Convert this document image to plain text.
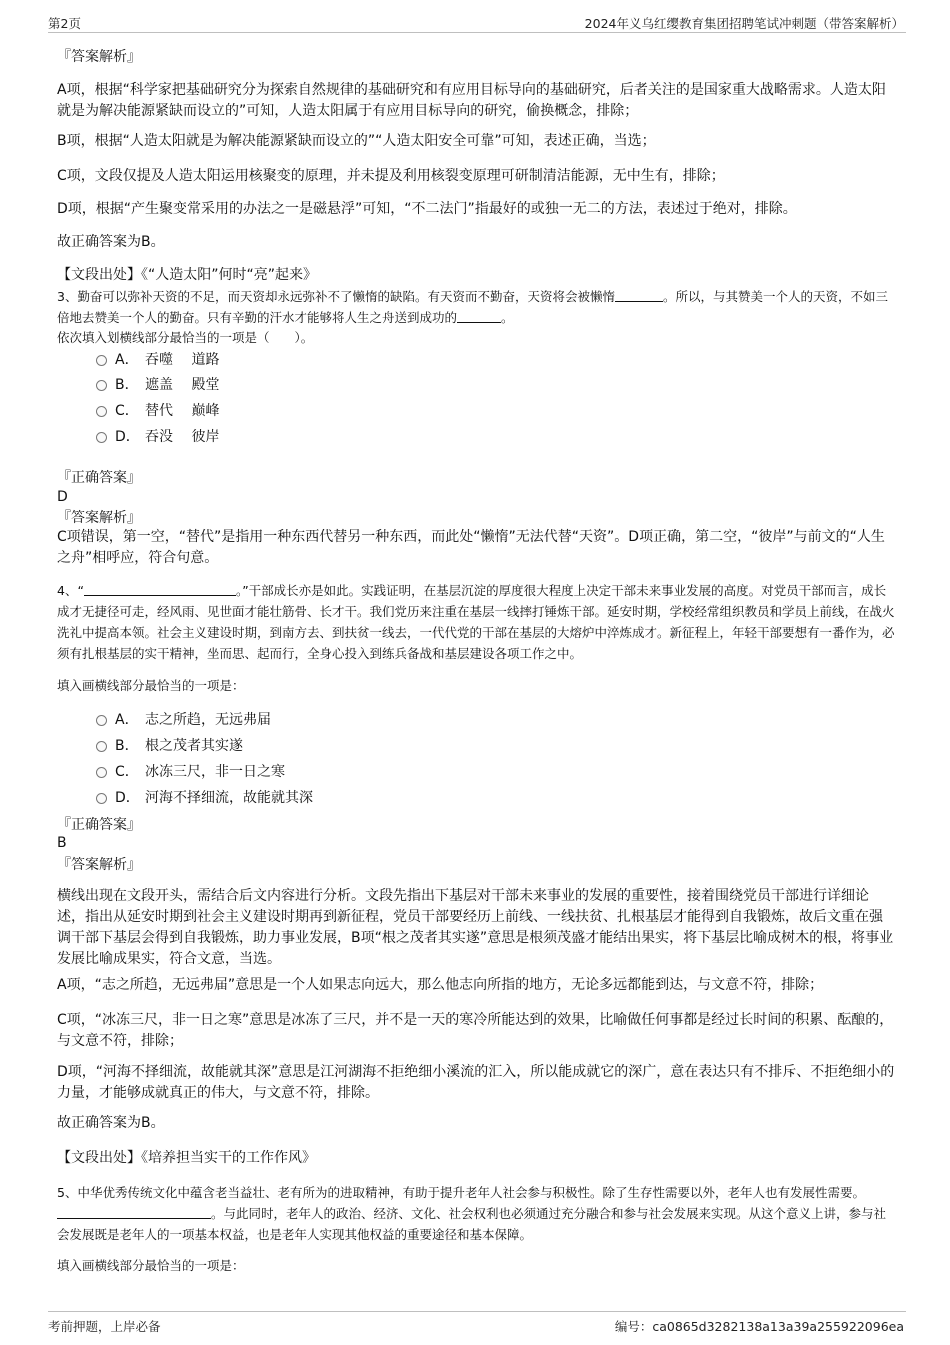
第2页	2024年义乌红缨教育集团招聘笔试冲刺题（带答案解析）
『答案解析』
A项，根据“科学家把基础研究分为探索自然规律的基础研究和有应用目标导向的基础研究，后者关注的是国家重大战略需求。人造太阳就是为解决能源紧缺而设立的”可知，人造太阳属于有应用目标导向的研究，偷换概念，排除；
B项，根据“人造太阳就是为解决能源紧缺而设立的”“人造太阳安全可靠”可知，表述正确，当选；
C项，文段仅提及人造太阳运用核聚变的原理，并未提及利用核裂变原理可研制清洁能源，无中生有，排除；
D项，根据“产生聚变常采用的办法之一是磁悬浮”可知，“不二法门”指最好的或独一无二的方法，表述过于绝对，排除。
故正确答案为B。
【文段出处】《“人造太阳”何时“亮”起来》
3、勤奋可以弥补天资的不足，而天资却永远弥补不了懒惰的缺陷。有天资而不勤奋，天资将会被懒惰	。所以，与其赞美一个人的天资，不如三倍地去赞美一个人的勤奋。只有辛勤的汗水才能够将人生之舟送到成功的	。
依次填入划横线部分最恰当的一项是（　　）。
A． 吞噬　 道路
B． 遮盖　 殿堂
C． 替代　 巅峰
D． 吞没　 彼岸
『正确答案』
D
『答案解析』
C项错误，第一空，“替代”是指用一种东西代替另一种东西，而此处“懒惰”无法代替“天资”。D项正确，第二空，“彼岸”与前文的“人生之舟”相呼应，符合句意。
4、“	。”干部成长亦是如此。实践证明，在基层沉淀的厚度很大程度上决定干部未来事业发展的高度。对党员干部而言，成长成才无捷径可走，经风雨、见世面才能壮筋骨、长才干。我们党历来注重在基层一线摔打锤炼干部。延安时期，学校经常组织教员和学员上前线，在战火洗礼中提高本领。社会主义建设时期，到南方去、到扶贫一线去，一代代党的干部在基层的大熔炉中淬炼成才。新征程上，年轻干部要想有一番作为，必须有扎根基层的实干精神，坐而思、起而行，全身心投入到练兵备战和基层建设各项工作之中。
填入画横线部分最恰当的一项是：
A． 志之所趋，无远弗届
B． 根之茂者其实遂
C． 冰冻三尺，非一日之寒
D． 河海不择细流，故能就其深
『正确答案』
B
『答案解析』
横线出现在文段开头，需结合后文内容进行分析。文段先指出下基层对干部未来事业的发展的重要性，接着围绕党员干部进行详细论述，指出从延安时期到社会主义建设时期再到新征程，党员干部要经历上前线、一线扶贫、扎根基层才能得到自我锻炼，故后文重在强调干部下基层会得到自我锻炼，助力事业发展，B项“根之茂者其实遂”意思是根须茂盛才能结出果实，将下基层比喻成树木的根，将事业发展比喻成果实，符合文意，当选。
A项，“志之所趋，无远弗届”意思是一个人如果志向远大，那么他志向所指的地方，无论多远都能到达，与文意不符，排除；
C项，“冰冻三尺，非一日之寒”意思是冰冻了三尺，并不是一天的寒冷所能达到的效果，比喻做任何事都是经过长时间的积累、酝酿的，与文意不符，排除；
D项，“河海不择细流，故能就其深”意思是江河湖海不拒绝细小溪流的汇入，所以能成就它的深广，意在表达只有不排斥、不拒绝细小的力量，才能够成就真正的伟大，与文意不符，排除。
故正确答案为B。
【文段出处】《培养担当实干的工作作风》
5、中华优秀传统文化中蕴含老当益壮、老有所为的进取精神，有助于提升老年人社会参与积极性。除了生存性需要以外，老年人也有发展性需要。。与此同时，老年人的政治、经济、文化、社会权利也必须通过充分融合和参与社会发展来实现。从这个意义上讲，参与社会发展既是老年人的一项基本权益，也是老年人实现其他权益的重要途径和基本保障。
填入画横线部分最恰当的一项是：
考前押题，上岸必备	编号：ca0865d3282138a13a39a255922096ea
